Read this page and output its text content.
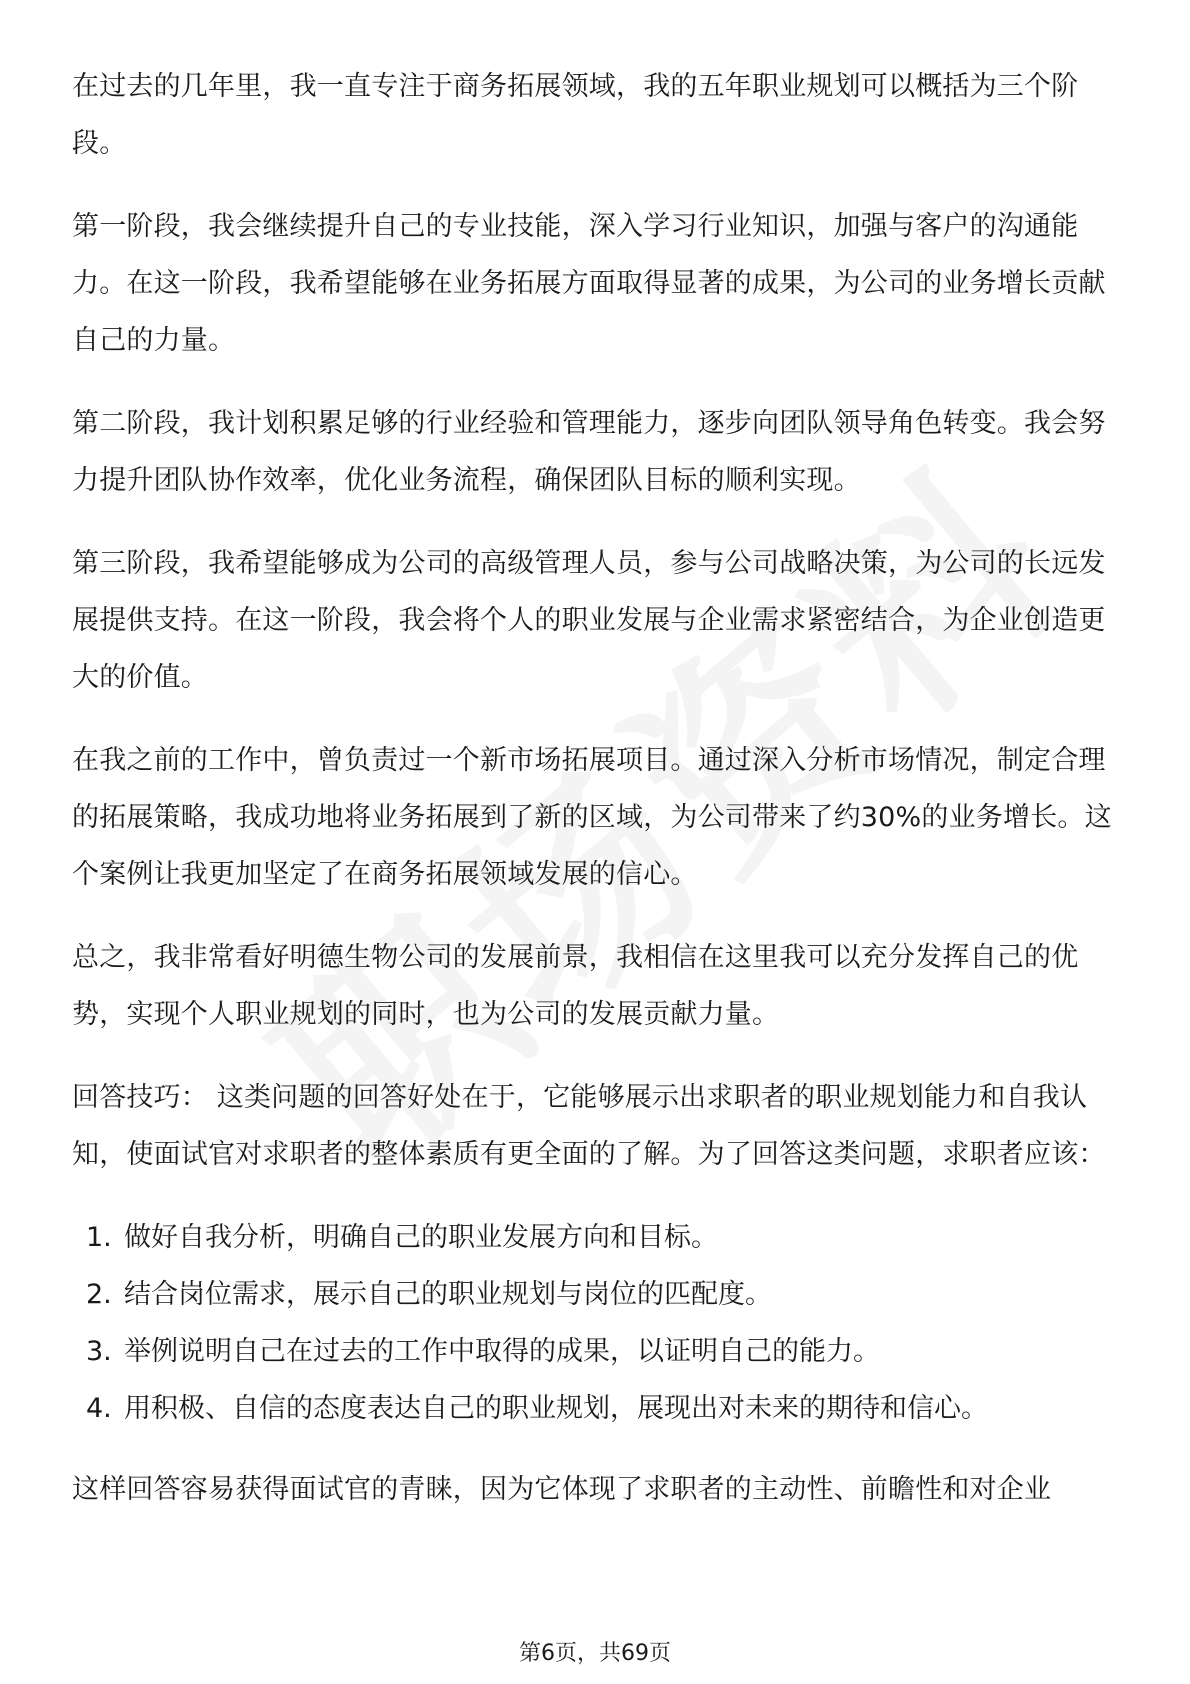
在过去的几年里，我一直专注于商务拓展领域，我的五年职业规划可以概括为三个阶段。

第一阶段，我会继续提升自己的专业技能，深入学习行业知识，加强与客户的沟通能力。在这一阶段，我希望能够在业务拓展方面取得显著的成果，为公司的业务增长贡献自己的力量。

第二阶段，我计划积累足够的行业经验和管理能力，逐步向团队领导角色转变。我会努力提升团队协作效率，优化业务流程，确保团队目标的顺利实现。

第三阶段，我希望能够成为公司的高级管理人员，参与公司战略决策，为公司的长远发展提供支持。在这一阶段，我会将个人的职业发展与企业需求紧密结合，为企业创造更大的价值。

在我之前的工作中，曾负责过一个新市场拓展项目。通过深入分析市场情况，制定合理的拓展策略，我成功地将业务拓展到了新的区域，为公司带来了约30%的业务增长。这个案例让我更加坚定了在商务拓展领域发展的信心。

总之，我非常看好明德生物公司的发展前景，我相信在这里我可以充分发挥自己的优势，实现个人职业规划的同时，也为公司的发展贡献力量。

回答技巧： 这类问题的回答好处在于，它能够展示出求职者的职业规划能力和自我认知，使面试官对求职者的整体素质有更全面的了解。为了回答这类问题，求职者应该：

1. 做好自我分析，明确自己的职业发展方向和目标。
2. 结合岗位需求，展示自己的职业规划与岗位的匹配度。
3. 举例说明自己在过去的工作中取得的成果，以证明自己的能力。
4. 用积极、自信的态度表达自己的职业规划，展现出对未来的期待和信心。

这样回答容易获得面试官的青睐，因为它体现了求职者的主动性、前瞻性和对企业

第6页，共69页
